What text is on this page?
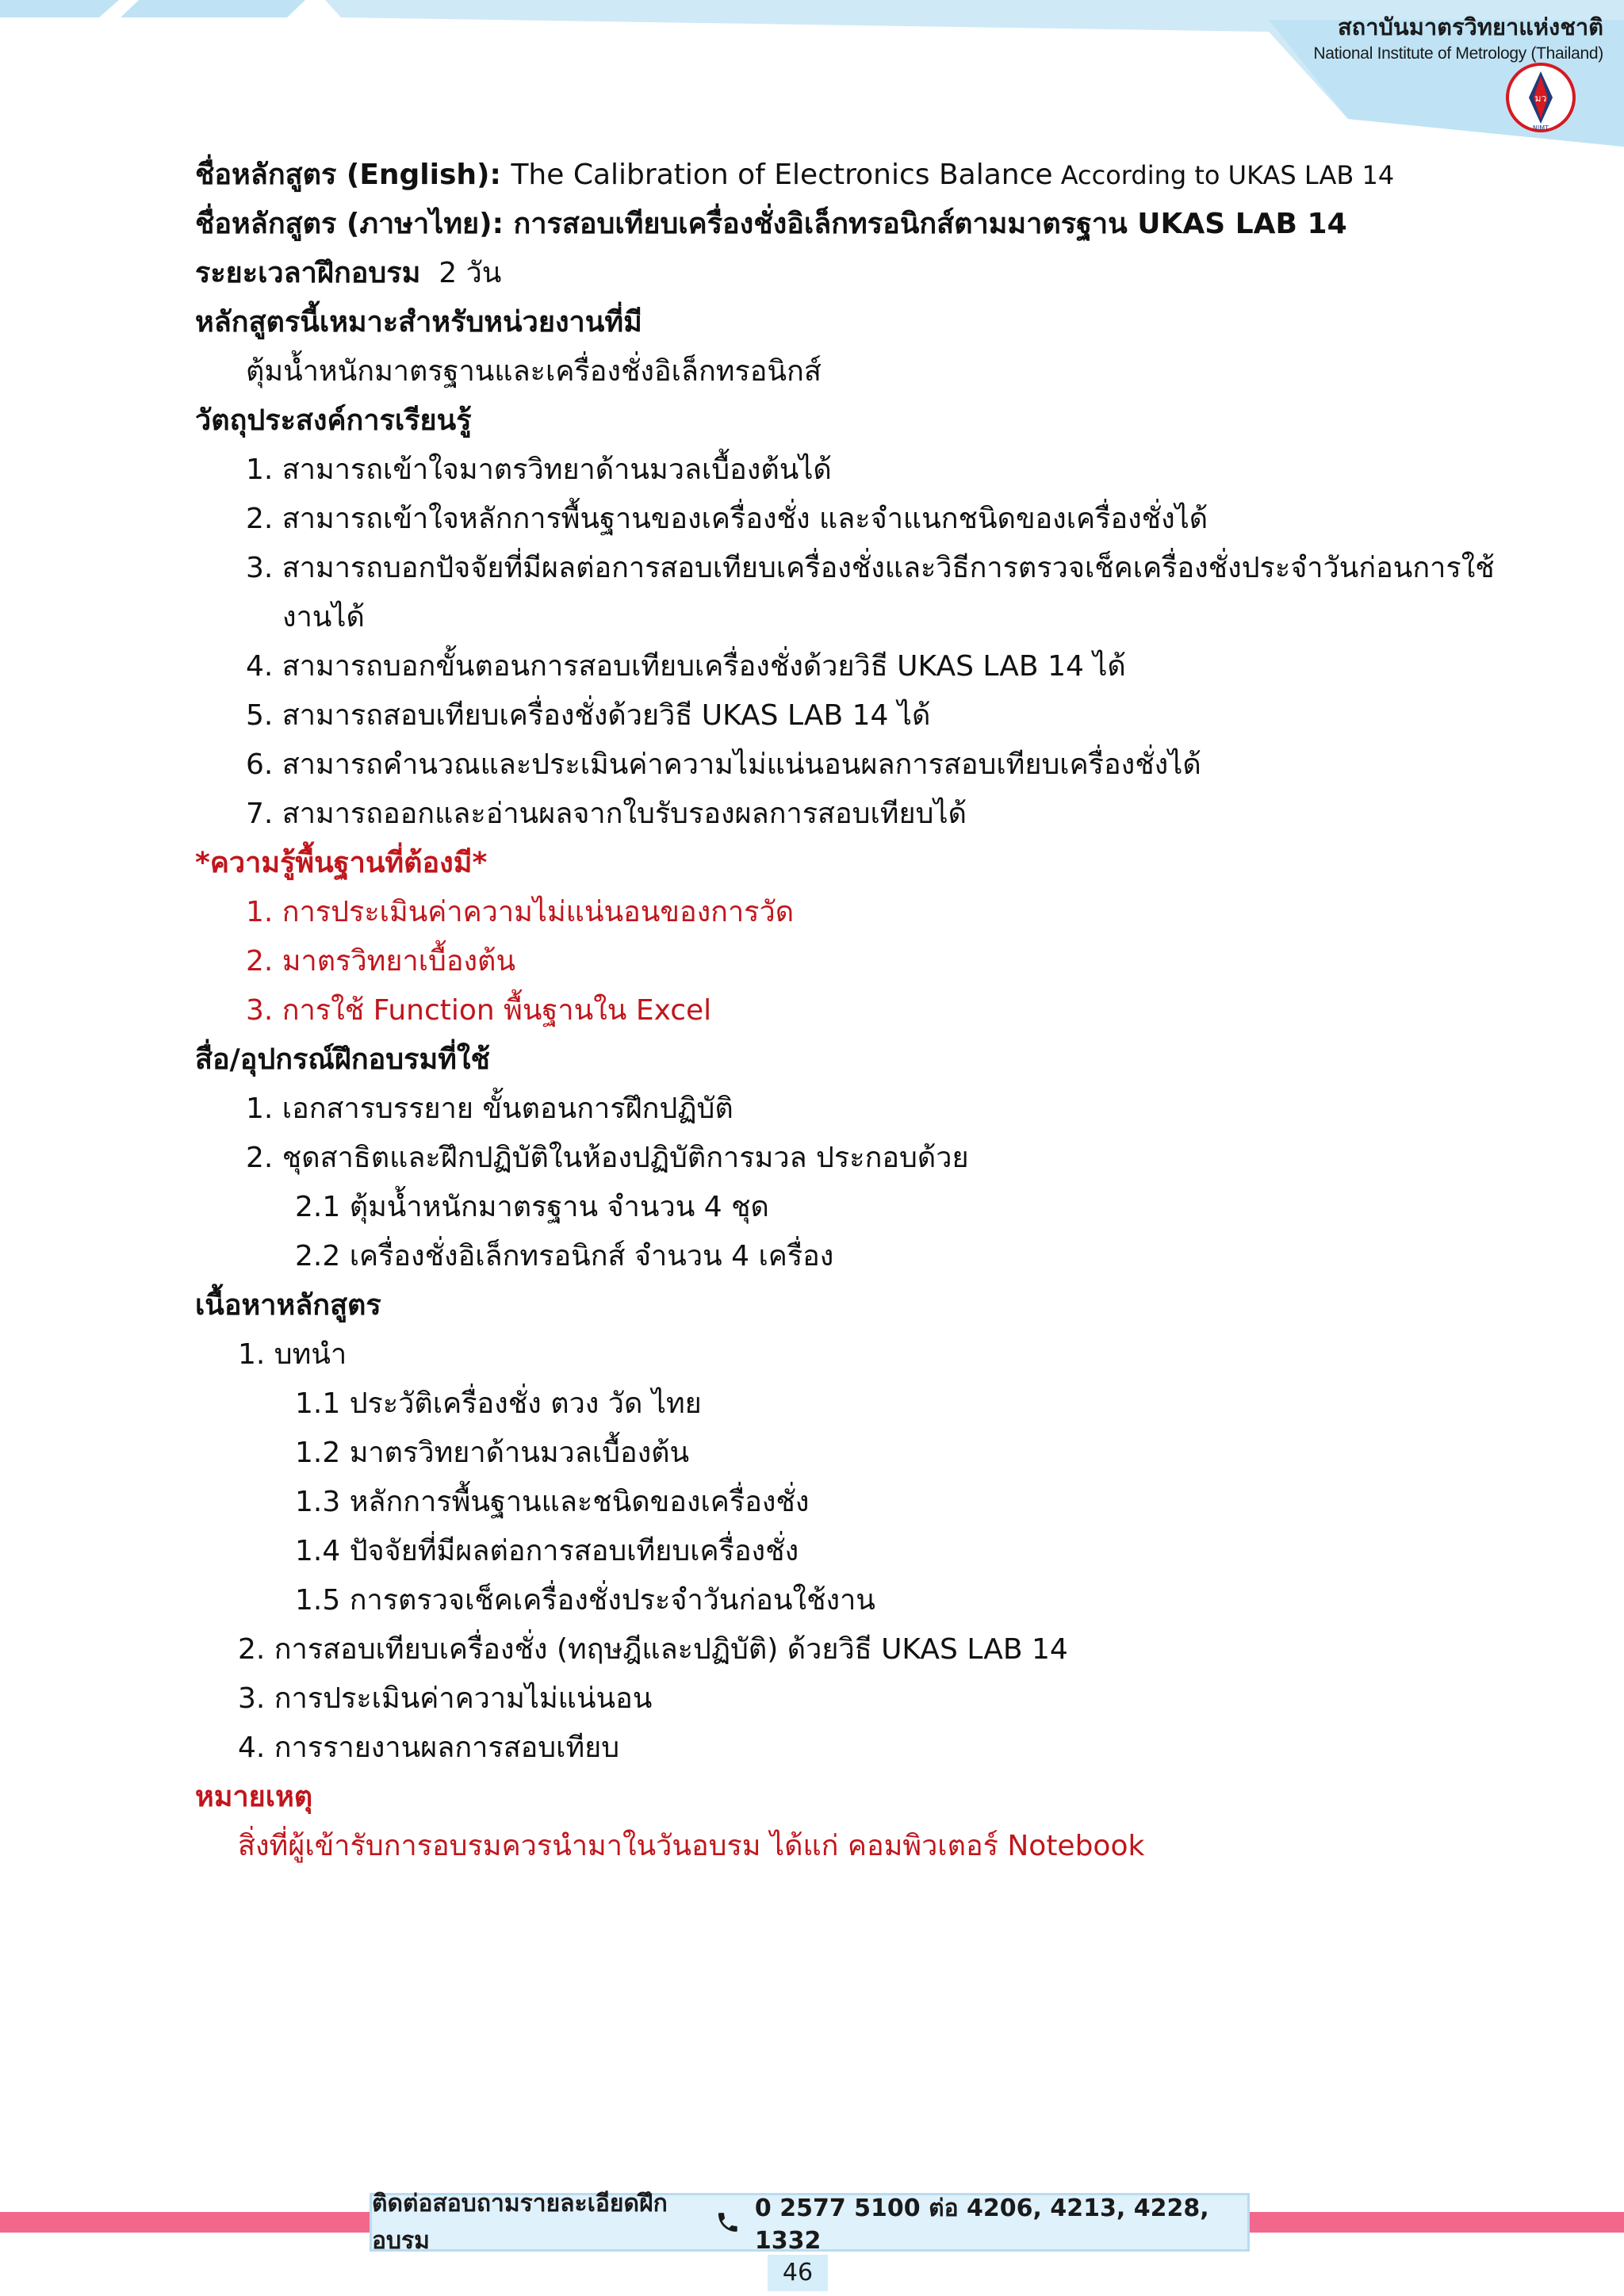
สถาบันมาตรวิทยาแห่งชาติ
National Institute of Metrology (Thailand)
มว
NIMT
ชื่อหลักสูตร (English): The Calibration of Electronics Balance According to UKAS LAB 14
ชื่อหลักสูตร (ภาษาไทย): การสอบเทียบเครื่องชั่งอิเล็กทรอนิกส์ตามมาตรฐาน UKAS LAB 14
ระยะเวลาฝึกอบรม 2 วัน
หลักสูตรนี้เหมาะสำหรับหน่วยงานที่มี
ตุ้มน้ำหนักมาตรฐานและเครื่องชั่งอิเล็กทรอนิกส์
วัตถุประสงค์การเรียนรู้
1. สามารถเข้าใจมาตรวิทยาด้านมวลเบื้องต้นได้
2. สามารถเข้าใจหลักการพื้นฐานของเครื่องชั่ง และจำแนกชนิดของเครื่องชั่งได้
3. สามารถบอกปัจจัยที่มีผลต่อการสอบเทียบเครื่องชั่งและวิธีการตรวจเช็คเครื่องชั่งประจำวันก่อนการใช้
งานได้
4. สามารถบอกขั้นตอนการสอบเทียบเครื่องชั่งด้วยวิธี UKAS LAB 14 ได้
5. สามารถสอบเทียบเครื่องชั่งด้วยวิธี UKAS LAB 14 ได้
6. สามารถคำนวณและประเมินค่าความไม่แน่นอนผลการสอบเทียบเครื่องชั่งได้
7. สามารถออกและอ่านผลจากใบรับรองผลการสอบเทียบได้
*ความรู้พื้นฐานที่ต้องมี*
1. การประเมินค่าความไม่แน่นอนของการวัด
2. มาตรวิทยาเบื้องต้น
3. การใช้ Function พื้นฐานใน Excel
สื่อ/อุปกรณ์ฝึกอบรมที่ใช้
1. เอกสารบรรยาย ขั้นตอนการฝึกปฏิบัติ
2. ชุดสาธิตและฝึกปฏิบัติในห้องปฏิบัติการมวล ประกอบด้วย
2.1 ตุ้มน้ำหนักมาตรฐาน จำนวน 4 ชุด
2.2 เครื่องชั่งอิเล็กทรอนิกส์ จำนวน 4 เครื่อง
เนื้อหาหลักสูตร
1. บทนำ
1.1 ประวัติเครื่องชั่ง ตวง วัด ไทย
1.2 มาตรวิทยาด้านมวลเบื้องต้น
1.3 หลักการพื้นฐานและชนิดของเครื่องชั่ง
1.4 ปัจจัยที่มีผลต่อการสอบเทียบเครื่องชั่ง
1.5 การตรวจเช็คเครื่องชั่งประจำวันก่อนใช้งาน
2. การสอบเทียบเครื่องชั่ง (ทฤษฎีและปฏิบัติ) ด้วยวิธี UKAS LAB 14
3. การประเมินค่าความไม่แน่นอน
4. การรายงานผลการสอบเทียบ
หมายเหตุ
สิ่งที่ผู้เข้ารับการอบรมควรนำมาในวันอบรม ได้แก่ คอมพิวเตอร์ Notebook
ติดต่อสอบถามรายละเอียดฝึกอบรม
0 2577 5100 ต่อ 4206, 4213, 4228, 1332
46
